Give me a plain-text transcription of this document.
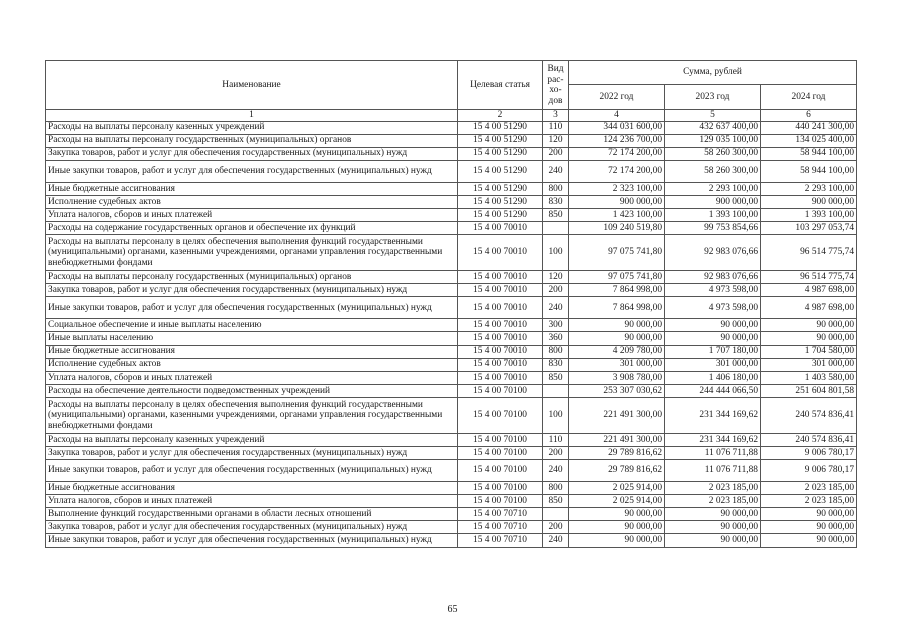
Наименование	Целевая статья	Вид рас-хо-дов	Сумма, рублей		
			2022 год	2023 год	2024 год
1	2	3	4	5	6
Расходы на выплаты персоналу казенных учреждений	15 4 00 51290	110	344 031 600,00	432 637 400,00	440 241 300,00
Расходы на выплаты персоналу государственных (муниципальных) органов	15 4 00 51290	120	124 236 700,00	129 035 100,00	134 025 400,00
Закупка товаров, работ и услуг для обеспечения государственных (муниципальных) нужд	15 4 00 51290	200	72 174 200,00	58 260 300,00	58 944 100,00
Иные закупки товаров, работ и услуг для обеспечения государственных (муниципальных) нужд	15 4 00 51290	240	72 174 200,00	58 260 300,00	58 944 100,00
Иные бюджетные ассигнования	15 4 00 51290	800	2 323 100,00	2 293 100,00	2 293 100,00
Исполнение судебных актов	15 4 00 51290	830	900 000,00	900 000,00	900 000,00
Уплата налогов, сборов и иных платежей	15 4 00 51290	850	1 423 100,00	1 393 100,00	1 393 100,00
Расходы на содержание государственных органов и обеспечение их функций	15 4 00 70010		109 240 519,80	99 753 854,66	103 297 053,74
Расходы на выплаты персоналу в целях обеспечения выполнения функций государственными (муниципальными) органами, казенными учреждениями, органами управления государственными внебюджетными фондами	15 4 00 70010	100	97 075 741,80	92 983 076,66	96 514 775,74
Расходы на выплаты персоналу государственных (муниципальных) органов	15 4 00 70010	120	97 075 741,80	92 983 076,66	96 514 775,74
Закупка товаров, работ и услуг для обеспечения государственных (муниципальных) нужд	15 4 00 70010	200	7 864 998,00	4 973 598,00	4 987 698,00
Иные закупки товаров, работ и услуг для обеспечения государственных (муниципальных) нужд	15 4 00 70010	240	7 864 998,00	4 973 598,00	4 987 698,00
Социальное обеспечение и иные выплаты населению	15 4 00 70010	300	90 000,00	90 000,00	90 000,00
Иные выплаты населению	15 4 00 70010	360	90 000,00	90 000,00	90 000,00
Иные бюджетные ассигнования	15 4 00 70010	800	4 209 780,00	1 707 180,00	1 704 580,00
Исполнение судебных актов	15 4 00 70010	830	301 000,00	301 000,00	301 000,00
Уплата налогов, сборов и иных платежей	15 4 00 70010	850	3 908 780,00	1 406 180,00	1 403 580,00
Расходы на обеспечение деятельности подведомственных учреждений	15 4 00 70100		253 307 030,62	244 444 066,50	251 604 801,58
Расходы на выплаты персоналу в целях обеспечения выполнения функций государственными (муниципальными) органами, казенными учреждениями, органами управления государственными внебюджетными фондами	15 4 00 70100	100	221 491 300,00	231 344 169,62	240 574 836,41
Расходы на выплаты персоналу казенных учреждений	15 4 00 70100	110	221 491 300,00	231 344 169,62	240 574 836,41
Закупка товаров, работ и услуг для обеспечения государственных (муниципальных) нужд	15 4 00 70100	200	29 789 816,62	11 076 711,88	9 006 780,17
Иные закупки товаров, работ и услуг для обеспечения государственных (муниципальных) нужд	15 4 00 70100	240	29 789 816,62	11 076 711,88	9 006 780,17
Иные бюджетные ассигнования	15 4 00 70100	800	2 025 914,00	2 023 185,00	2 023 185,00
Уплата налогов, сборов и иных платежей	15 4 00 70100	850	2 025 914,00	2 023 185,00	2 023 185,00
Выполнение функций государственными органами в области лесных отношений	15 4 00 70710		90 000,00	90 000,00	90 000,00
Закупка товаров, работ и услуг для обеспечения государственных (муниципальных) нужд	15 4 00 70710	200	90 000,00	90 000,00	90 000,00
Иные закупки товаров, работ и услуг для обеспечения государственных (муниципальных) нужд	15 4 00 70710	240	90 000,00	90 000,00	90 000,00
65
